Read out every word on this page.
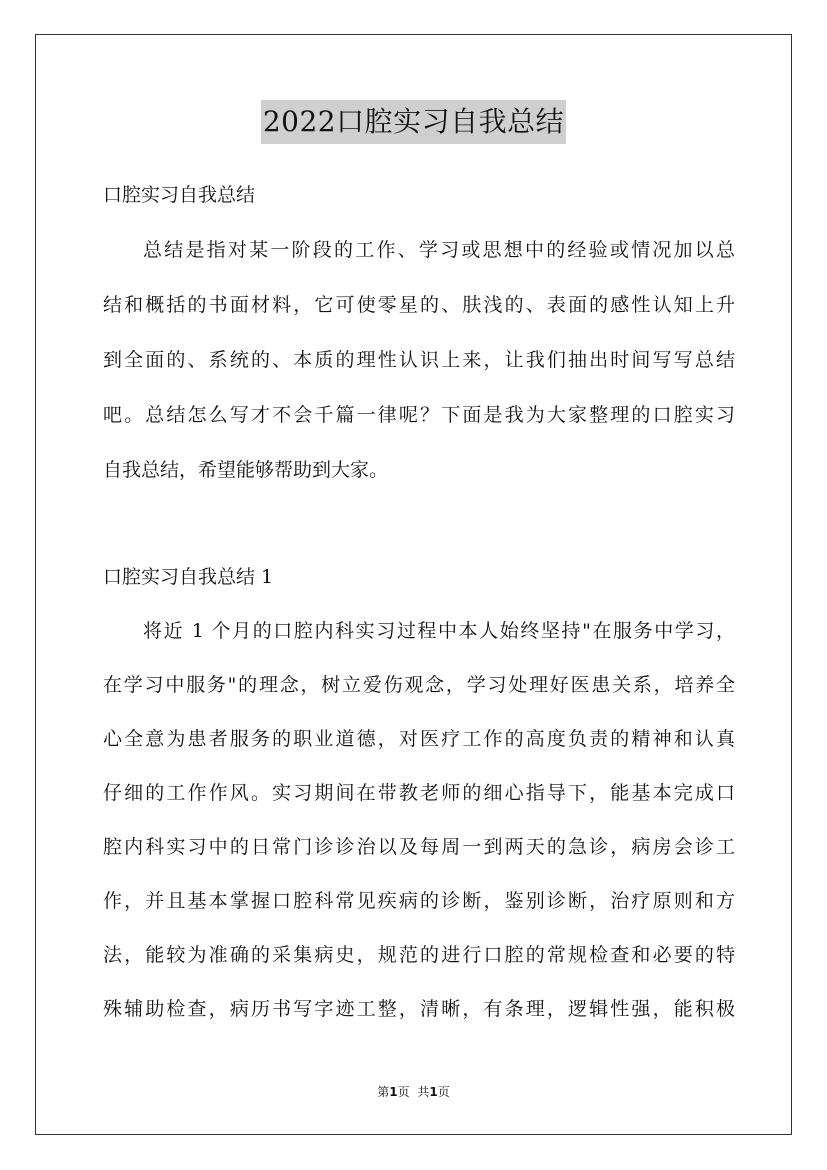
2022口腔实习自我总结
口腔实习自我总结
总结是指对某一阶段的工作、学习或思想中的经验或情况加以总
结和概括的书面材料，它可使零星的、肤浅的、表面的感性认知上升
到全面的、系统的、本质的理性认识上来，让我们抽出时间写写总结
吧。总结怎么写才不会千篇一律呢？下面是我为大家整理的口腔实习
自我总结，希望能够帮助到大家。
口腔实习自我总结 1
将近 1 个月的口腔内科实习过程中本人始终坚持"在服务中学习，
在学习中服务"的理念，树立爱伤观念，学习处理好医患关系，培养全
心全意为患者服务的职业道德，对医疗工作的高度负责的精神和认真
仔细的工作作风。实习期间在带教老师的细心指导下，能基本完成口
腔内科实习中的日常门诊诊治以及每周一到两天的急诊，病房会诊工
作，并且基本掌握口腔科常见疾病的诊断，鉴别诊断，治疗原则和方
法，能较为准确的采集病史，规范的进行口腔的常规检查和必要的特
殊辅助检查，病历书写字迹工整，清晰，有条理，逻辑性强，能积极
第1页 共1页
